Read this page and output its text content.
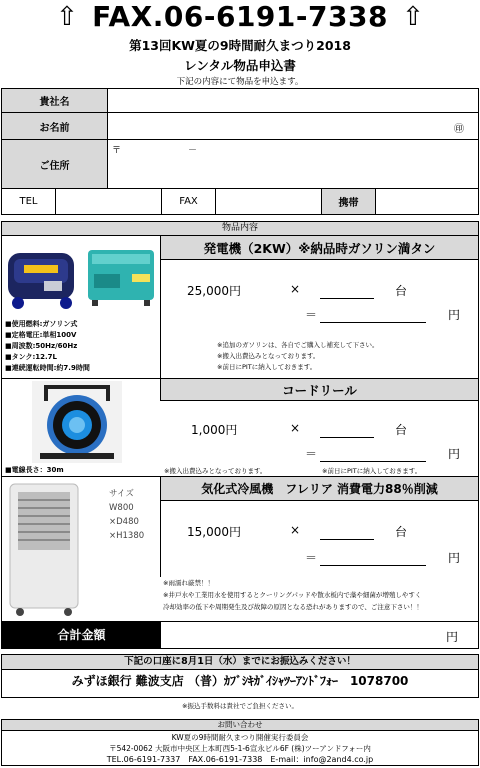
⇧	⇧
FAX.06-6191-7338
第13回KW夏の9時間耐久まつり2018
レンタル物品申込書
下記の内容にて物品を申込ます。
貴社名
お名前	㊞
ご住所
〒	－
TEL	FAX	携帯
物品内容
■使用燃料:ガソリン式
■定格電圧:単相100V
■周波数:50Hz/60Hz
■タンク:12.7L
■連続運転時間:約7.9時間
発電機（2KW）※納品時ガソリン満タン
25,000円	×	台
＝	円
※追加のガソリンは、各自でご購入し補充して下さい。
※搬入出費込みとなっております。
※前日にPITに納入しておきます。
■電線長さ：30m
コードリール
1,000円	×	台
＝	円
※搬入出費込みとなっております。	※前日にPITに納入しておきます。
サイズ
W800
×D480
×H1380
気化式冷風機　フレリア 消費電力88％削減
15,000円	×	台
＝	円
※雨濡れ厳禁！！
※井戸水や工業用水を使用するとクーリングパッドや散水板内で藻や細菌が増殖しやすく
冷却効率の低下や周期発生及び故障の原因となる恐れがありますので、ご注意下さい！！
合計金額	円
下記の口座に8月1日（水）までにお振込みください！
みずほ銀行 難波支店 （普）ｶﾌﾞｼｷｶﾞｲｼｬﾂｰｱﾝﾄﾞﾌｫｰ　1078700
※振込手数料は貴社でご負担ください。
お問い合わせ
KW夏の9時間耐久まつり開催実行委員会
〒542-0062 大阪市中央区上本町西5-1-6宣永ビル6F (株)ツーアンドフォー内
TEL.06-6191-7337　FAX.06-6191-7338　E-mail：info@2and4.co.jp
